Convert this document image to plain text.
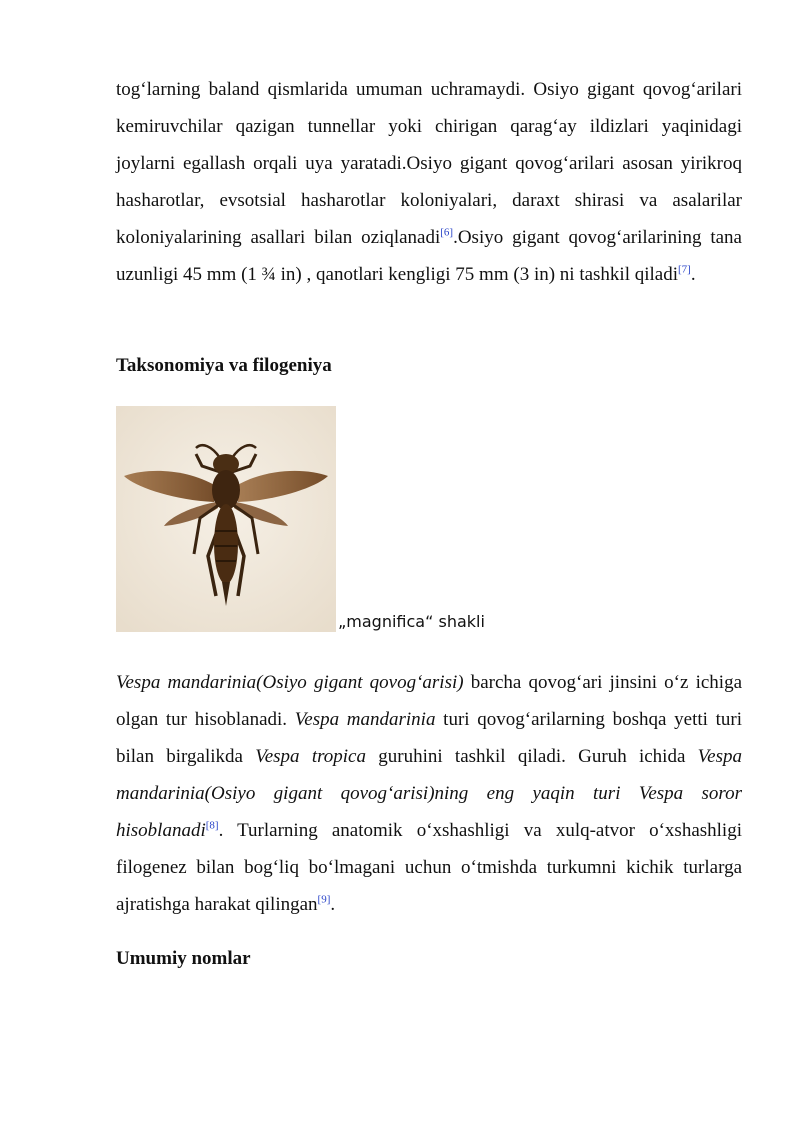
tog‘larning baland qismlarida umuman uchramaydi. Osiyo gigant qovog‘arilari kemiruvchilar qazigan tunnellar yoki chirigan qarag‘ay ildizlari yaqinidagi joylarni egallash orqali uya yaratadi.Osiyo gigant qovog‘arilari asosan yirikroq hasharotlar, evsotsial hasharotlar koloniyalari, daraxt shirasi va asalarilar koloniyalarining asallari bilan oziqlanadi[6].Osiyo gigant qovog‘arilarining tana uzunligi 45 mm (1 ¾ in) , qanotlari kengligi 75 mm (3 in) ni tashkil qiladi[7].

Taksonomiya va filogeniya
„magnifica“ shakli

Vespa mandarinia(Osiyo gigant qovog‘arisi) barcha qovog‘ari jinsini o‘z ichiga olgan tur hisoblanadi. Vespa mandarinia turi qovog‘arilarning boshqa yetti turi bilan birgalikda Vespa tropica guruhini tashkil qiladi. Guruh ichida Vespa mandarinia(Osiyo gigant qovog‘arisi)ning eng yaqin turi Vespa soror hisoblanadi[8]. Turlarning anatomik o‘xshashligi va xulq-atvor o‘xshashligi filogenez bilan bog‘liq bo‘lmagani uchun o‘tmishda turkumni kichik turlarga ajratishga harakat qilingan[9].

Umumiy nomlar
